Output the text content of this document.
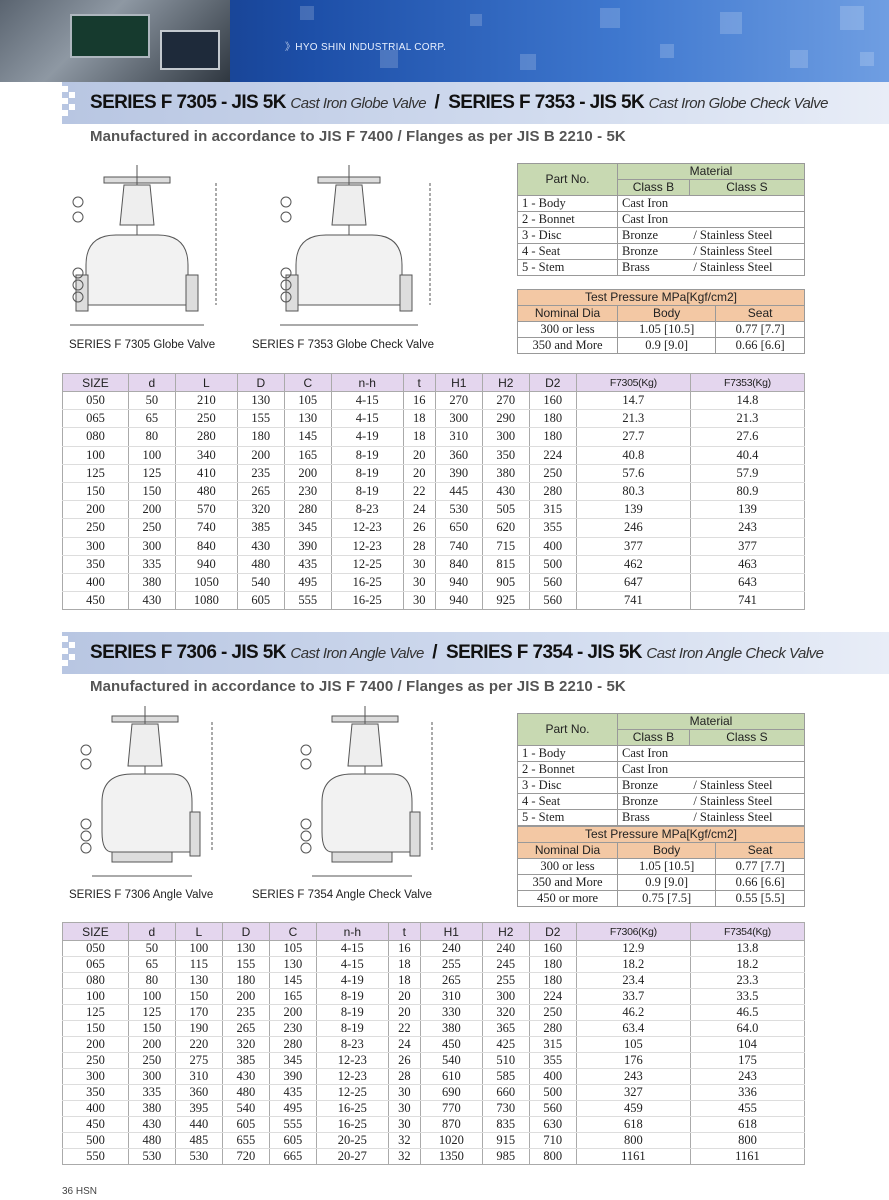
》HYO SHIN INDUSTRIAL CORP.
SERIES F 7305 - JIS 5K Cast Iron Globe Valve / SERIES F 7353 - JIS 5K Cast Iron Globe Check Valve
Manufactured in accordance to JIS F 7400 / Flanges as per JIS B 2210 - 5K
SERIES F 7305 Globe Valve	SERIES F 7353 Globe Check Valve
Part No.	Material	
	Class B	Class S
1 - Body	Cast Iron	
2 - Bonnet	Cast Iron	
3 - Disc	Bronze	/ Stainless Steel
4 - Seat	Bronze	/ Stainless Steel
5 - Stem	Brass	/ Stainless Steel
Test Pressure MPa[Kgf/cm2]		
Nominal Dia	Body	Seat
300 or less	1.05 [10.5]	0.77 [7.7]
350 and More	0.9 [9.0]	0.66 [6.6]
SIZE	d	L	D	C	n-h	t	H1	H2	D2	F7305(Kg)	F7353(Kg)
050	50	210	130	105	4-15	16	270	270	160	14.7	14.8
065	65	250	155	130	4-15	18	300	290	180	21.3	21.3
080	80	280	180	145	4-19	18	310	300	180	27.7	27.6
100	100	340	200	165	8-19	20	360	350	224	40.8	40.4
125	125	410	235	200	8-19	20	390	380	250	57.6	57.9
150	150	480	265	230	8-19	22	445	430	280	80.3	80.9
200	200	570	320	280	8-23	24	530	505	315	139	139
250	250	740	385	345	12-23	26	650	620	355	246	243
300	300	840	430	390	12-23	28	740	715	400	377	377
350	335	940	480	435	12-25	30	840	815	500	462	463
400	380	1050	540	495	16-25	30	940	905	560	647	643
450	430	1080	605	555	16-25	30	940	925	560	741	741
SERIES F 7306 - JIS 5K Cast Iron Angle Valve / SERIES F 7354 - JIS 5K Cast Iron Angle Check Valve
Manufactured in accordance to JIS F 7400 / Flanges as per JIS B 2210 - 5K
SERIES F 7306 Angle Valve	SERIES F 7354 Angle Check Valve
Part No.	Material	
	Class B	Class S
1 - Body	Cast Iron	
2 - Bonnet	Cast Iron	
3 - Disc	Bronze	/ Stainless Steel
4 - Seat	Bronze	/ Stainless Steel
5 - Stem	Brass	/ Stainless Steel
Test Pressure MPa[Kgf/cm2]		
Nominal Dia	Body	Seat
300 or less	1.05 [10.5]	0.77 [7.7]
350 and More	0.9 [9.0]	0.66 [6.6]
450 or more	0.75 [7.5]	0.55 [5.5]
SIZE	d	L	D	C	n-h	t	H1	H2	D2	F7306(Kg)	F7354(Kg)
050	50	100	130	105	4-15	16	240	240	160	12.9	13.8
065	65	115	155	130	4-15	18	255	245	180	18.2	18.2
080	80	130	180	145	4-19	18	265	255	180	23.4	23.3
100	100	150	200	165	8-19	20	310	300	224	33.7	33.5
125	125	170	235	200	8-19	20	330	320	250	46.2	46.5
150	150	190	265	230	8-19	22	380	365	280	63.4	64.0
200	200	220	320	280	8-23	24	450	425	315	105	104
250	250	275	385	345	12-23	26	540	510	355	176	175
300	300	310	430	390	12-23	28	610	585	400	243	243
350	335	360	480	435	12-25	30	690	660	500	327	336
400	380	395	540	495	16-25	30	770	730	560	459	455
450	430	440	605	555	16-25	30	870	835	630	618	618
500	480	485	655	605	20-25	32	1020	915	710	800	800
550	530	530	720	665	20-27	32	1350	985	800	1161	1161
36 HSN
